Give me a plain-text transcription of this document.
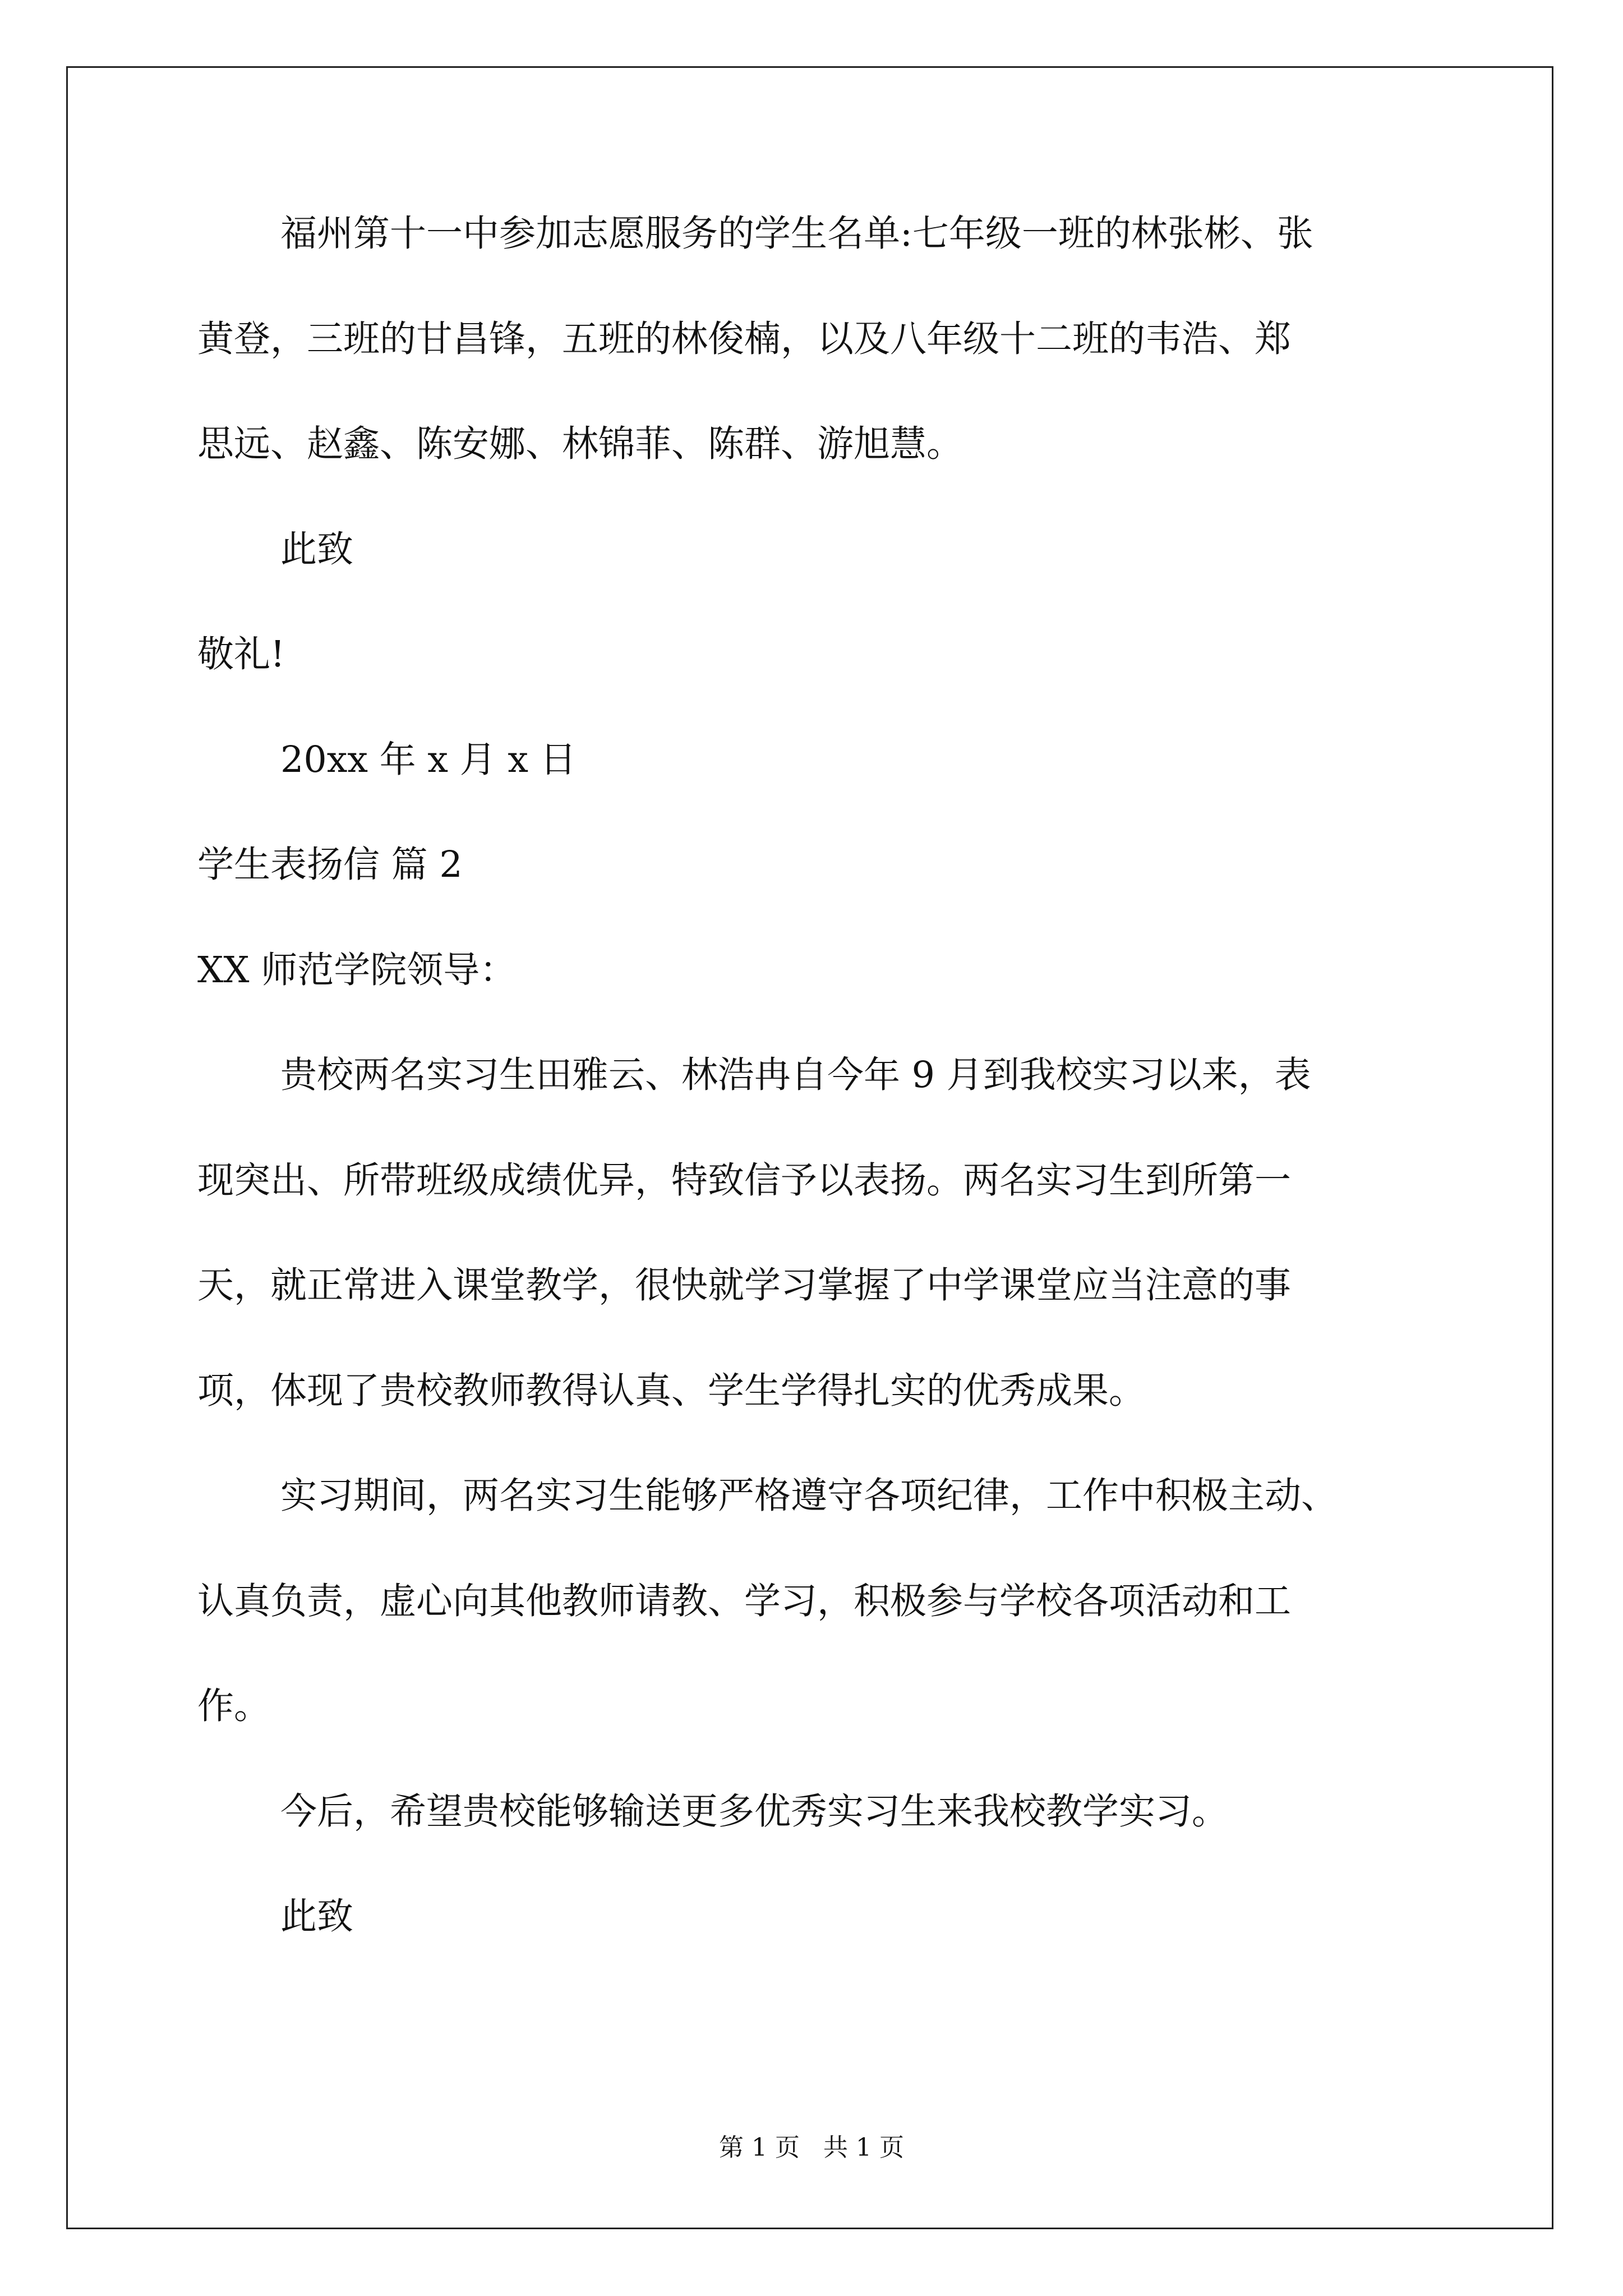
福州第十一中参加志愿服务的学生名单:七年级一班的林张彬、张
黄登，三班的甘昌锋，五班的林俊楠，以及八年级十二班的韦浩、郑
思远、赵鑫、陈安娜、林锦菲、陈群、游旭慧。
此致
敬礼!
20xx 年 x 月 x 日
学生表扬信 篇 2
XX 师范学院领导：
贵校两名实习生田雅云、林浩冉自今年 9 月到我校实习以来，表
现突出、所带班级成绩优异，特致信予以表扬。两名实习生到所第一
天，就正常进入课堂教学，很快就学习掌握了中学课堂应当注意的事
项，体现了贵校教师教得认真、学生学得扎实的优秀成果。
实习期间，两名实习生能够严格遵守各项纪律，工作中积极主动、
认真负责，虚心向其他教师请教、学习，积极参与学校各项活动和工
作。
今后，希望贵校能够输送更多优秀实习生来我校教学实习。
此致
第 1 页 共 1 页
